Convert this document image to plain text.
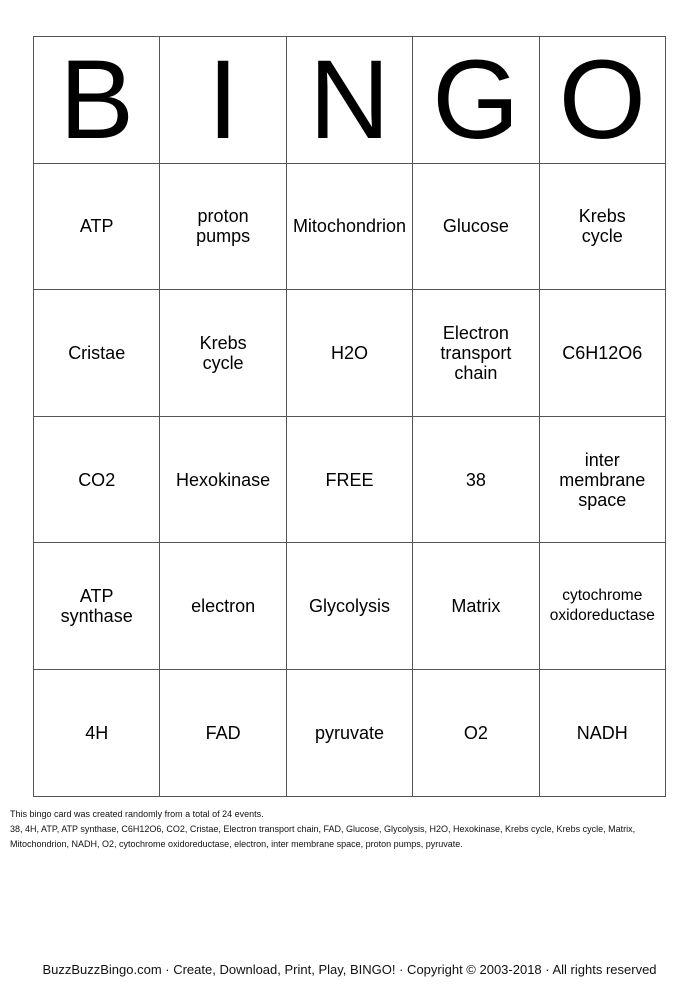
B	I	N	G	O
ATP	proton pumps	Mitochondrion	Glucose	Krebs cycle
Cristae	Krebs cycle	H2O	Electron transport chain	C6H12O6
CO2	Hexokinase	FREE	38	inter membrane space
ATP synthase	electron	Glycolysis	Matrix	cytochrome oxidoreductase
4H	FAD	pyruvate	O2	NADH
This bingo card was created randomly from a total of 24 events.
38, 4H, ATP, ATP synthase, C6H12O6, CO2, Cristae, Electron transport chain, FAD, Glucose, Glycolysis, H2O, Hexokinase, Krebs cycle, Krebs cycle, Matrix, Mitochondrion, NADH, O2, cytochrome oxidoreductase, electron, inter membrane space, proton pumps, pyruvate.
BuzzBuzzBingo.com · Create, Download, Print, Play, BINGO! · Copyright © 2003-2018 · All rights reserved
